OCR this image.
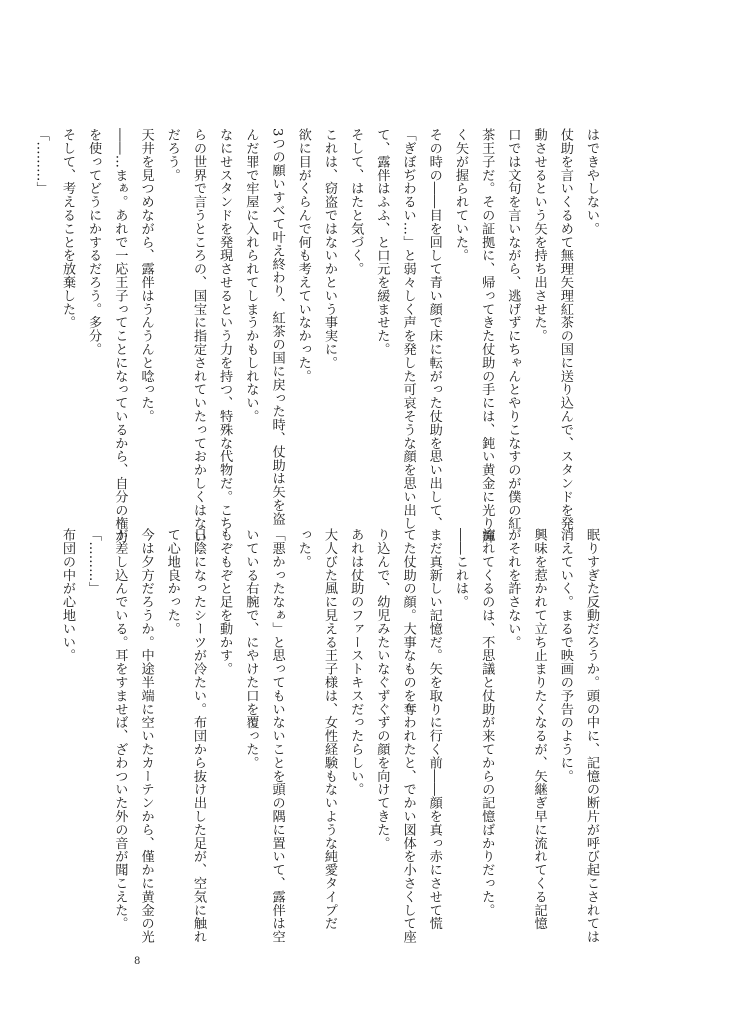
はできやしない。

仗助を言いくるめて無理矢理紅茶の国に送り込んで、スタンドを発

動させるという矢を持ち出させた。

口では文句を言いながら、逃げずにちゃんとやりこなすのが僕の紅

茶王子だ。その証拠に、帰ってきた仗助の手には、鈍い黄金に光り輝

く矢が握られていた。

その時の――目を回して青い顔で床に転がった仗助を思い出して、

「ぎぼぢわるい…」と弱々しく声を発した可哀そうな顔を思い出し

て、露伴はふふ、と口元を緩ませた。

そして、はたと気づく。

これは、窃盗ではないかという事実に。

欲に目がくらんで何も考えていなかった。

3つの願いすべて叶え終わり、紅茶の国に戻った時、仗助は矢を盗

んだ罪で牢屋に入れられてしまうかもしれない。

なにせスタンドを発現させるという力を持つ、特殊な代物だ。こち

らの世界で言うところの、国宝に指定されていたっておかしくはない

だろう。

天井を見つめながら、露伴はうんうんと唸った。

――…まぁ。あれで一応王子ってことになっているから、自分の権力

を使ってどうにかするだろう。多分。

そして、考えることを放棄した。

「………」

眠りすぎた反動だろうか。頭の中に、記憶の断片が呼び起こされては

消えていく。まるで映画の予告のように。

興味を惹かれて立ち止まりたくなるが、矢継ぎ早に流れてくる記憶

がそれを許さない。

流れてくるのは、不思議と仗助が来てからの記憶ばかりだった。

――これは。

まだ真新しい記憶だ。矢を取りに行く前――顔を真っ赤にさせて慌

てた仗助の顔。大事なものを奪われたと、でかい図体を小さくして座

り込んで、幼児みたいなぐずぐずの顔を向けてきた。

あれは仗助のファーストキスだったらしい。

大人びた風に見える王子様は、女性経験もないような純愛タイプだ

った。

「悪かったなぁ」と思ってもいないことを頭の隅に置いて、露伴は空

いている右腕で、にやけた口を覆った。

もぞもぞと足を動かす。

日陰になったシーツが冷たい。布団から抜け出した足が、空気に触れ

て心地良かった。

今は夕方だろうか。中途半端に空いたカーテンから、僅かに黄金の光

が差し込んでいる。耳をすませば、ざわついた外の音が聞こえた。

「………」

布団の中が心地いい。

8
